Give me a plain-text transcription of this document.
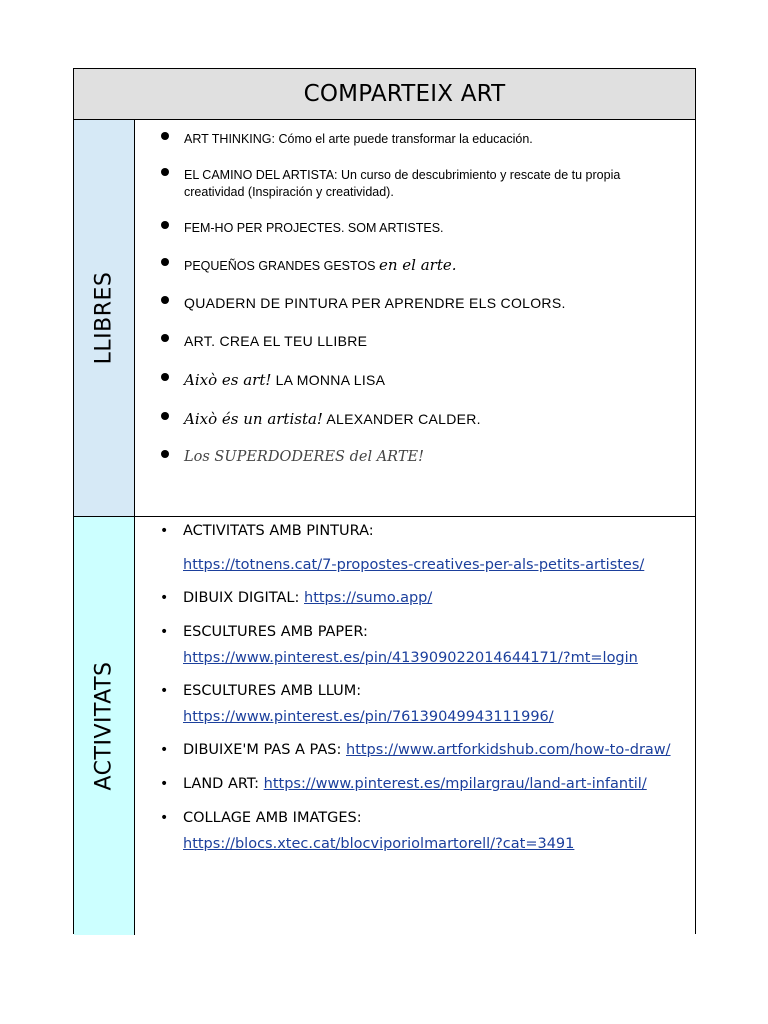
COMPARTEIX ART
LLIBRES
ACTIVITATS
ART THINKING: Cómo el arte puede transformar la educación.
EL CAMINO DEL ARTISTA: Un curso de descubrimiento y rescate de tu propia creatividad (Inspiración y creatividad).
FEM-HO PER PROJECTES. SOM ARTISTES.
PEQUEÑOS GRANDES GESTOS en el arte.
QUADERN DE PINTURA PER APRENDRE ELS COLORS.
ART. CREA EL TEU LLIBRE
Això es art! LA MONNA LISA
Això és un artista! ALEXANDER CALDER.
Los SUPERDODERES del ARTE!
• ACTIVITATS AMB PINTURA:
https://totnens.cat/7-propostes-creatives-per-als-petits-artistes/
• DIBUIX DIGITAL: https://sumo.app/
• ESCULTURES AMB PAPER:
https://www.pinterest.es/pin/413909022014644171/?mt=login
• ESCULTURES AMB LLUM:
https://www.pinterest.es/pin/76139049943111996/
• DIBUIXE'M PAS A PAS: https://www.artforkidshub.com/how-to-draw/
• LAND ART: https://www.pinterest.es/mpilargrau/land-art-infantil/
• COLLAGE AMB IMATGES:
https://blocs.xtec.cat/blocviporiolmartorell/?cat=3491
